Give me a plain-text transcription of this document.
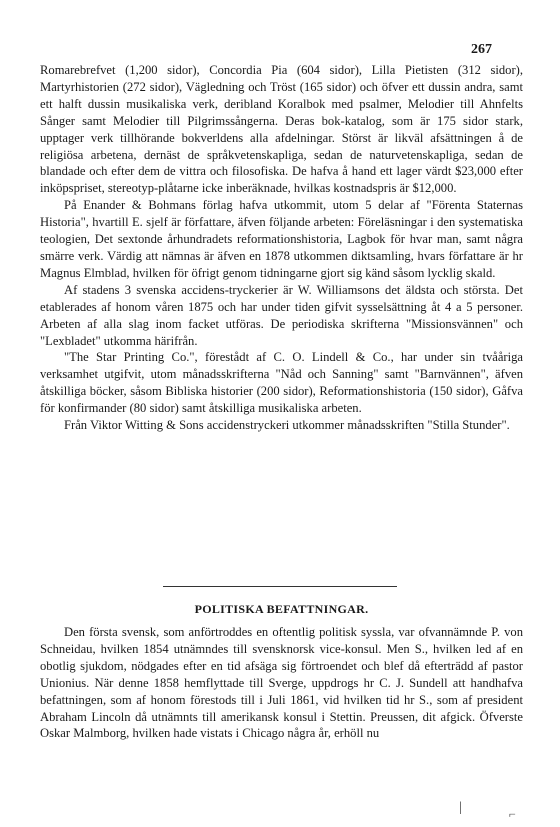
267

Romarebrefvet (1,200 sidor), Concordia Pia (604 sidor), Lilla Pietisten (312 sidor), Martyrhistorien (272 sidor), Vägledning och Tröst (165 sidor) och öfver ett dussin andra, samt ett halft dussin musikaliska verk, deribland Koralbok med psalmer, Melodier till Ahnfelts Sånger samt Melodier till Pilgrimssångerna. Deras bok-katalog, som är 175 sidor stark, upptager verk tillhörande bokverldens alla afdelningar. Störst är likväl afsättningen å de religiösa arbetena, dernäst de språkvetenskapliga, sedan de naturvetenskapliga, sedan de blandade och efter dem de vittra och filosofiska. De hafva å hand ett lager värdt $23,000 efter inköpspriset, stereotyp-plåtarne icke inberäknade, hvilkas kostnadspris är $12,000.

På Enander & Bohmans förlag hafva utkommit, utom 5 delar af "Förenta Staternas Historia", hvartill E. sjelf är författare, äfven följande arbeten: Föreläsningar i den systematiska teologien, Det sextonde århundradets reformationshistoria, Lagbok för hvar man, samt några smärre verk. Värdig att nämnas är äfven en 1878 utkommen diktsamling, hvars författare är hr Magnus Elmblad, hvilken för öfrigt genom tidningarne gjort sig känd såsom lycklig skald.

Af stadens 3 svenska accidens-tryckerier är W. Williamsons det äldsta och största. Det etablerades af honom våren 1875 och har under tiden gifvit sysselsättning åt 4 a 5 personer. Arbeten af alla slag inom facket utföras. De periodiska skrifterna "Missionsvännen" och "Lexbladet" utkomma härifrån.

"The Star Printing Co.", förestådt af C. O. Lindell & Co., har under sin tvååriga verksamhet utgifvit, utom månadsskrifterna "Nåd och Sanning" samt "Barnvännen", äfven åtskilliga böcker, såsom Bibliska historier (200 sidor), Reformationshistoria (150 sidor), Gåfva för konfirmander (80 sidor) samt åtskilliga musikaliska arbeten.

Från Viktor Witting & Sons accidenstryckeri utkommer månadsskriften "Stilla Stunder".

POLITISKA BEFATTNINGAR.

Den första svensk, som anförtroddes en oftentlig politisk syssla, var ofvannämnde P. von Schneidau, hvilken 1854 utnämndes till svensknorsk vice-konsul. Men S., hvilken led af en obotlig sjukdom, nödgades efter en tid afsäga sig förtroendet och blef då efterträdd af pastor Unionius. När denne 1858 hemflyttade till Sverge, uppdrogs hr C. J. Sundell att handhafva befattningen, som af honom förestods till i Juli 1861, vid hvilken tid hr S., som af president Abraham Lincoln då utnämnts till amerikansk konsul i Stettin. Preussen, dit afgick. Öfverste Oskar Malmborg, hvilken hade vistats i Chicago några år, erhöll nu

|	⌐
